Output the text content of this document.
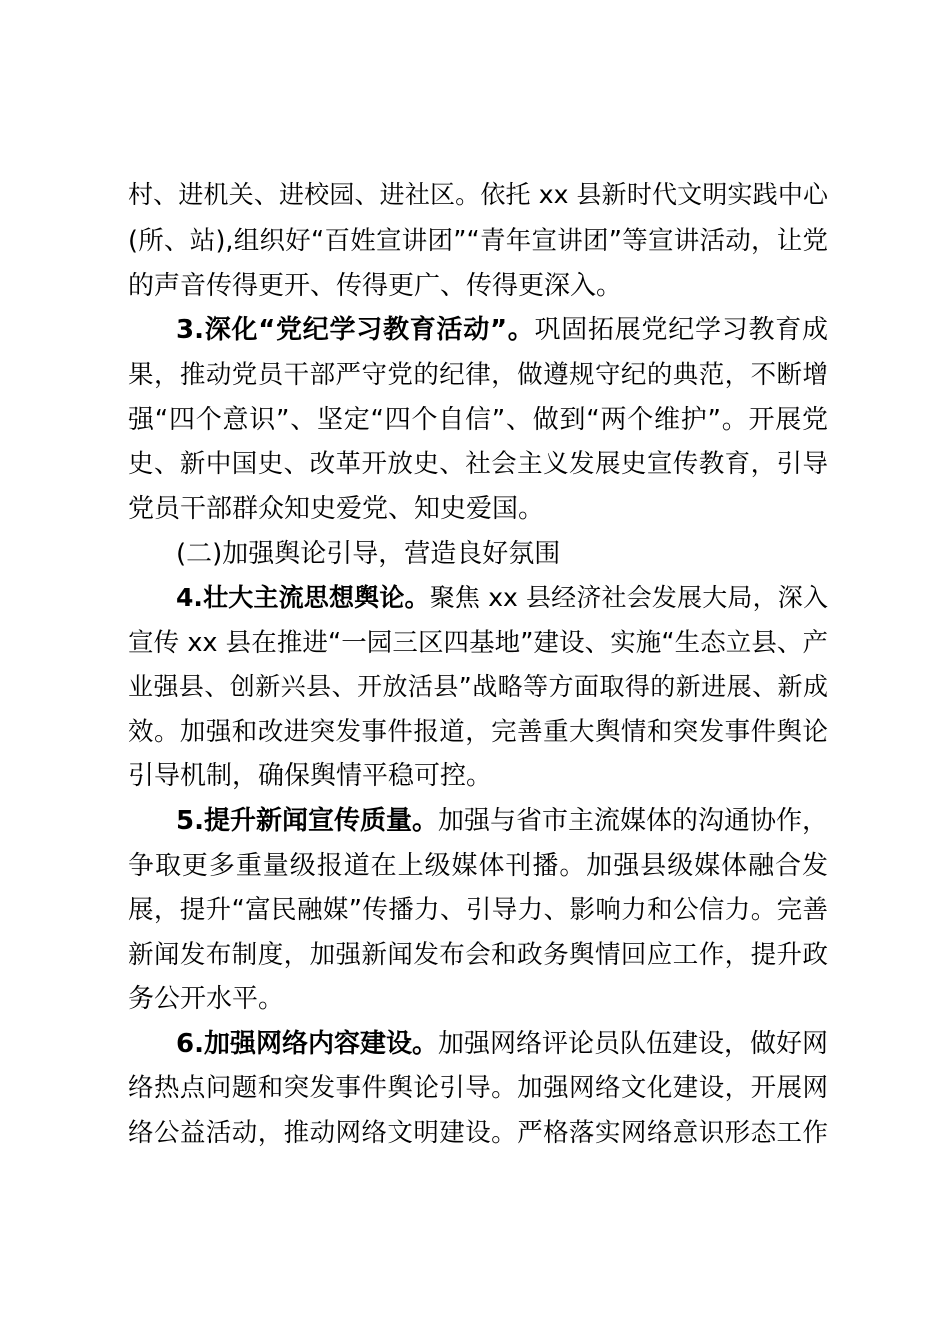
村、进机关、进校园、进社区。依托 xx 县新时代文明实践中心
(所、站),组织好“百姓宣讲团”“青年宣讲团”等宣讲活动，让党
的声音传得更开、传得更广、传得更深入。
3.深化“党纪学习教育活动”。巩固拓展党纪学习教育成
果，推动党员干部严守党的纪律，做遵规守纪的典范，不断增
强“四个意识”、坚定“四个自信”、做到“两个维护”。开展党
史、新中国史、改革开放史、社会主义发展史宣传教育，引导
党员干部群众知史爱党、知史爱国。
(二)加强舆论引导，营造良好氛围
4.壮大主流思想舆论。聚焦 xx 县经济社会发展大局，深入
宣传 xx 县在推进“一园三区四基地”建设、实施“生态立县、产
业强县、创新兴县、开放活县”战略等方面取得的新进展、新成
效。加强和改进突发事件报道，完善重大舆情和突发事件舆论
引导机制，确保舆情平稳可控。
5.提升新闻宣传质量。加强与省市主流媒体的沟通协作，
争取更多重量级报道在上级媒体刊播。加强县级媒体融合发
展，提升“富民融媒”传播力、引导力、影响力和公信力。完善
新闻发布制度，加强新闻发布会和政务舆情回应工作，提升政
务公开水平。
6.加强网络内容建设。加强网络评论员队伍建设，做好网
络热点问题和突发事件舆论引导。加强网络文化建设，开展网
络公益活动，推动网络文明建设。严格落实网络意识形态工作
